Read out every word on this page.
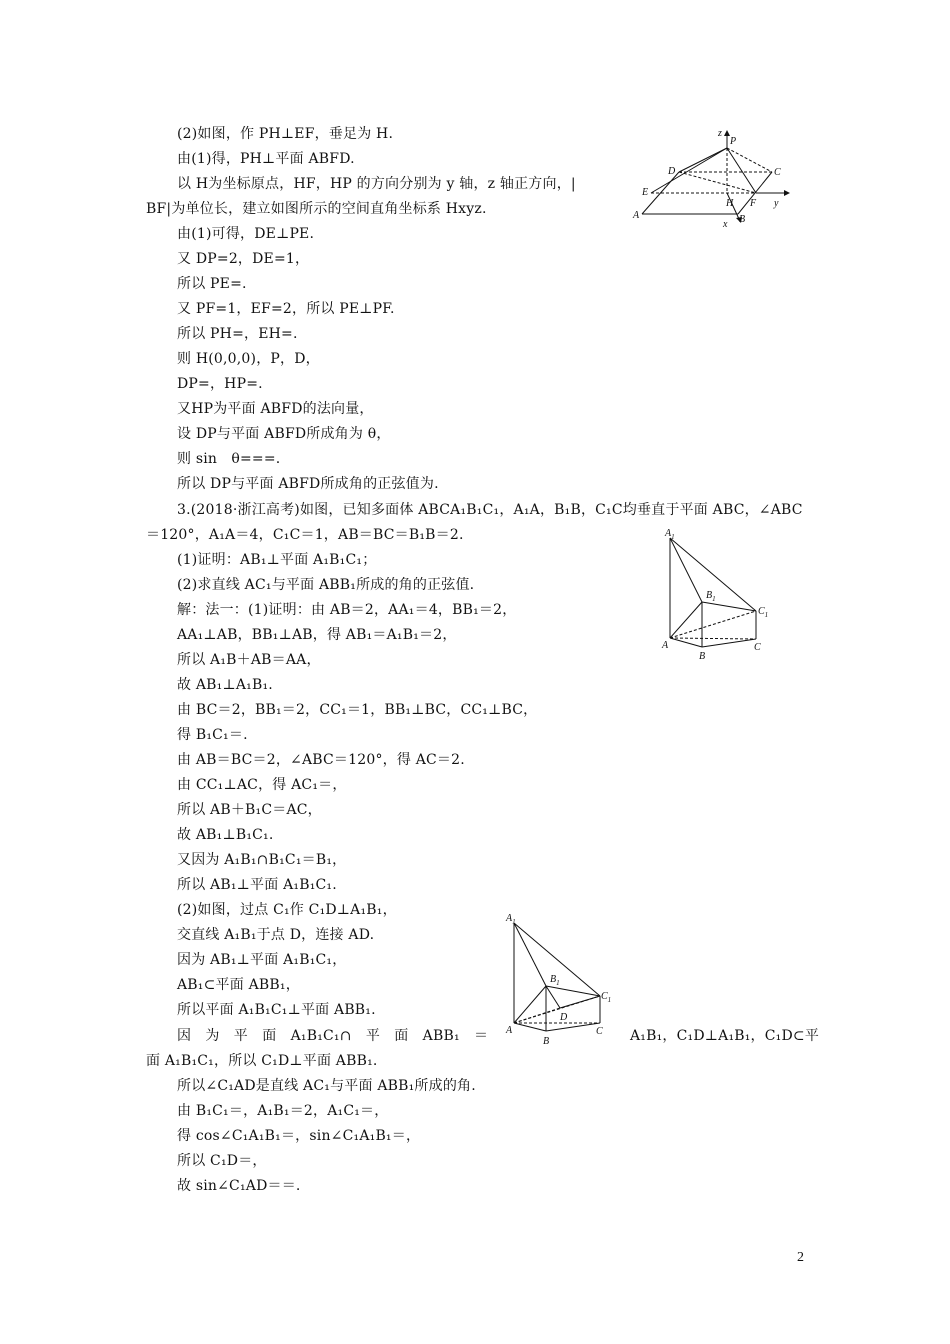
(2)如图，作 PH⊥EF，垂足为 H.
由(1)得，PH⊥平面 ABFD.
以 H为坐标原点，HF，HP 的方向分别为 y 轴，z 轴正方向，|
BF|为单位长，建立如图所示的空间直角坐标系 Hxyz.
由(1)可得，DE⊥PE.
又 DP=2，DE=1，
所以 PE=.
又 PF=1，EF=2，所以 PE⊥PF.
所以 PH=，EH=.
则 H(0,0,0)，P，D，
DP=，HP=.
又HP为平面 ABFD的法向量，
设 DP与平面 ABFD所成角为 θ，
则 sin　θ===.
所以 DP与平面 ABFD所成角的正弦值为.
3.(2018·浙江高考)如图，已知多面体 ABCA₁B₁C₁，A₁A，B₁B，C₁C均垂直于平面 ABC，∠ABC
＝120°，A₁A＝4，C₁C＝1，AB＝BC＝B₁B＝2.
(1)证明：AB₁⊥平面 A₁B₁C₁；
(2)求直线 AC₁与平面 ABB₁所成的角的正弦值.
解：法一：(1)证明：由 AB＝2，AA₁＝4，BB₁＝2，
AA₁⊥AB，BB₁⊥AB，得 AB₁＝A₁B₁＝2，
所以 A₁B＋AB＝AA，
故 AB₁⊥A₁B₁.
由 BC＝2，BB₁＝2，CC₁＝1，BB₁⊥BC，CC₁⊥BC，
得 B₁C₁＝.
由 AB＝BC＝2，∠ABC＝120°，得 AC＝2.
由 CC₁⊥AC，得 AC₁＝，
所以 AB＋B₁C＝AC，
故 AB₁⊥B₁C₁.
又因为 A₁B₁∩B₁C₁＝B₁，
所以 AB₁⊥平面 A₁B₁C₁.
(2)如图，过点 C₁作 C₁D⊥A₁B₁，
交直线 A₁B₁于点 D，连接 AD.
因为 AB₁⊥平面 A₁B₁C₁，
AB₁⊂平面 ABB₁，
所以平面 A₁B₁C₁⊥平面 ABB₁.
因　为　平　面　A₁B₁C₁∩　平　面　ABB₁　＝	A₁B₁，C₁D⊥A₁B₁，C₁D⊂平
面 A₁B₁C₁，所以 C₁D⊥平面 ABB₁.
所以∠C₁AD是直线 AC₁与平面 ABB₁所成的角.
由 B₁C₁＝，A₁B₁＝2，A₁C₁＝，
得 cos∠C₁A₁B₁＝，sin∠C₁A₁B₁＝，
所以 C₁D＝，
故 sin∠C₁AD＝＝.
P
D	C
E
A
H F
B
x
y
z
$A_1$
$B_1$
$C_1$
A
B
C
$A_1$
$B_1$
$C_1$
D
A
B
C
2
